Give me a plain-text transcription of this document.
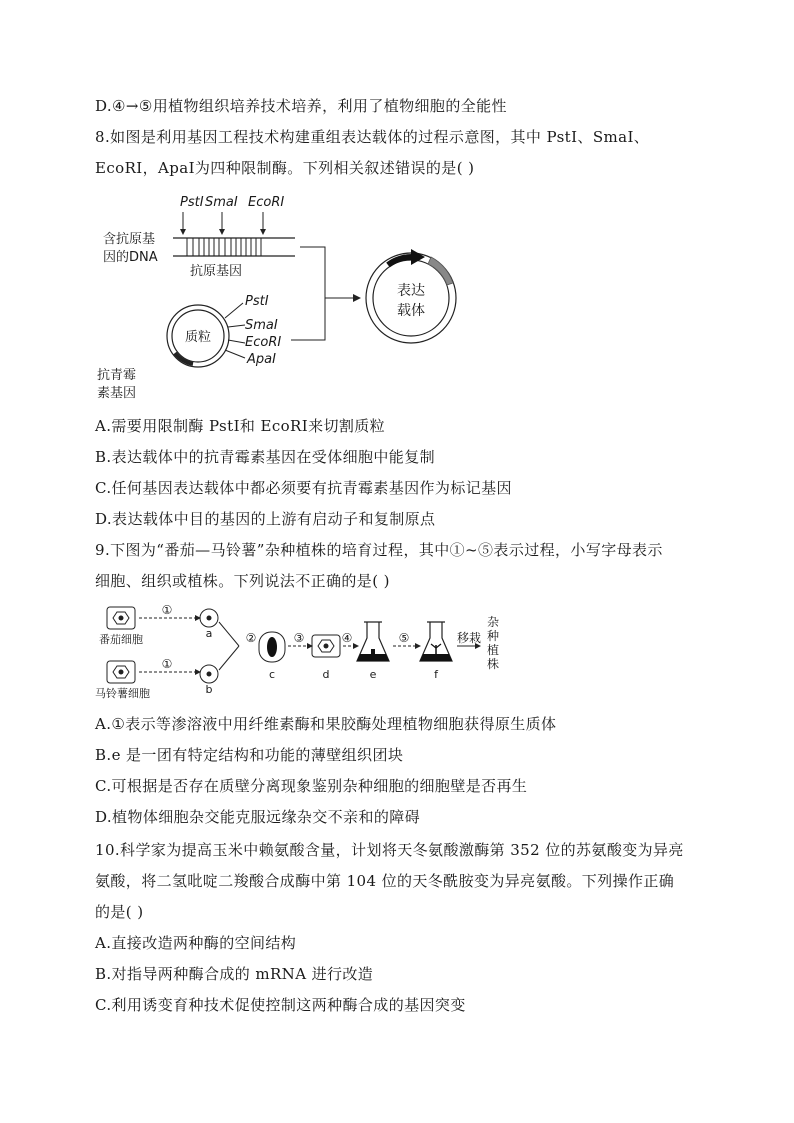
D.④→⑤用植物组织培养技术培养，利用了植物细胞的全能性
8.如图是利用基因工程技术构建重组表达载体的过程示意图，其中 PstⅠ、SmaⅠ、
EcoRⅠ，ApaⅠ为四种限制酶。下列相关叙述错误的是( )
PstⅠ SmaⅠ EcoRⅠ
含抗原基
因的DNA
抗原基因
质粒
PstⅠ
SmaⅠ
EcoRⅠ
ApaⅠ
抗青霉
素基因
表达
载体
A.需要用限制酶 PstⅠ和 EcoRⅠ来切割质粒
B.表达载体中的抗青霉素基因在受体细胞中能复制
C.任何基因表达载体中都必须要有抗青霉素基因作为标记基因
D.表达载体中目的基因的上游有启动子和复制原点
9.下图为“番茄—马铃薯”杂种植株的培育过程，其中①~⑤表示过程，小写字母表示
细胞、组织或植株。下列说法不正确的是( )
番茄细胞
①
a
马铃薯细胞
①
b
②
c
③
d
④
e
⑤
f
移栽
杂
种
植
株
A.①表示等渗溶液中用纤维素酶和果胶酶处理植物细胞获得原生质体
B.e 是一团有特定结构和功能的薄壁组织团块
C.可根据是否存在质壁分离现象鉴别杂种细胞的细胞壁是否再生
D.植物体细胞杂交能克服远缘杂交不亲和的障碍
10.科学家为提高玉米中赖氨酸含量，计划将天冬氨酸激酶第 352 位的苏氨酸变为异亮
氨酸，将二氢吡啶二羧酸合成酶中第 104 位的天冬酰胺变为异亮氨酸。下列操作正确
的是( )
A.直接改造两种酶的空间结构
B.对指导两种酶合成的 mRNA 进行改造
C.利用诱变育种技术促使控制这两种酶合成的基因突变
